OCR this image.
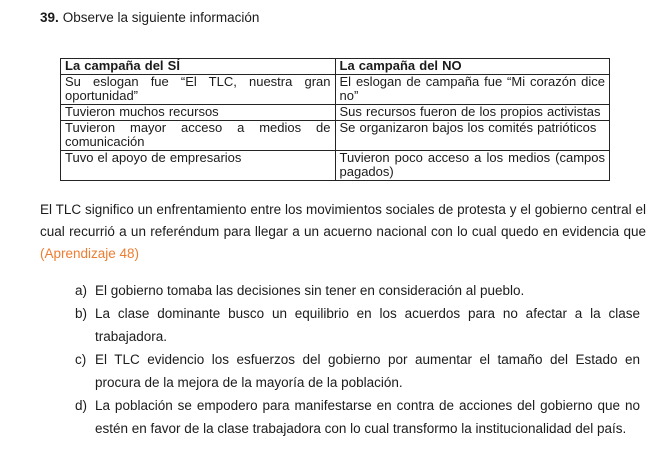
39. Observe la siguiente información

La campaña del SÍ	La campaña del NO
Su eslogan fue “El TLC, nuestra gran oportunidad”	El eslogan de campaña fue “Mi corazón dice no”
Tuvieron muchos recursos	Sus recursos fueron de los propios activistas
Tuvieron mayor acceso a medios de comunicación	Se organizaron bajos los comités patrióticos
Tuvo el apoyo de empresarios	Tuvieron poco acceso a los medios (campos pagados)

El TLC significo un enfrentamiento entre los movimientos sociales de protesta y el gobierno central el cual recurrió a un referéndum para llegar a un acuerno nacional con lo cual quedo en evidencia que (Aprendizaje 48)

a) El gobierno tomaba las decisiones sin tener en consideración al pueblo.
b) La clase dominante busco un equilibrio en los acuerdos para no afectar a la clase trabajadora.
c) El TLC evidencio los esfuerzos del gobierno por aumentar el tamaño del Estado en procura de la mejora de la mayoría de la población.
d) La población se empodero para manifestarse en contra de acciones del gobierno que no estén en favor de la clase trabajadora con lo cual transformo la institucionalidad del país.
